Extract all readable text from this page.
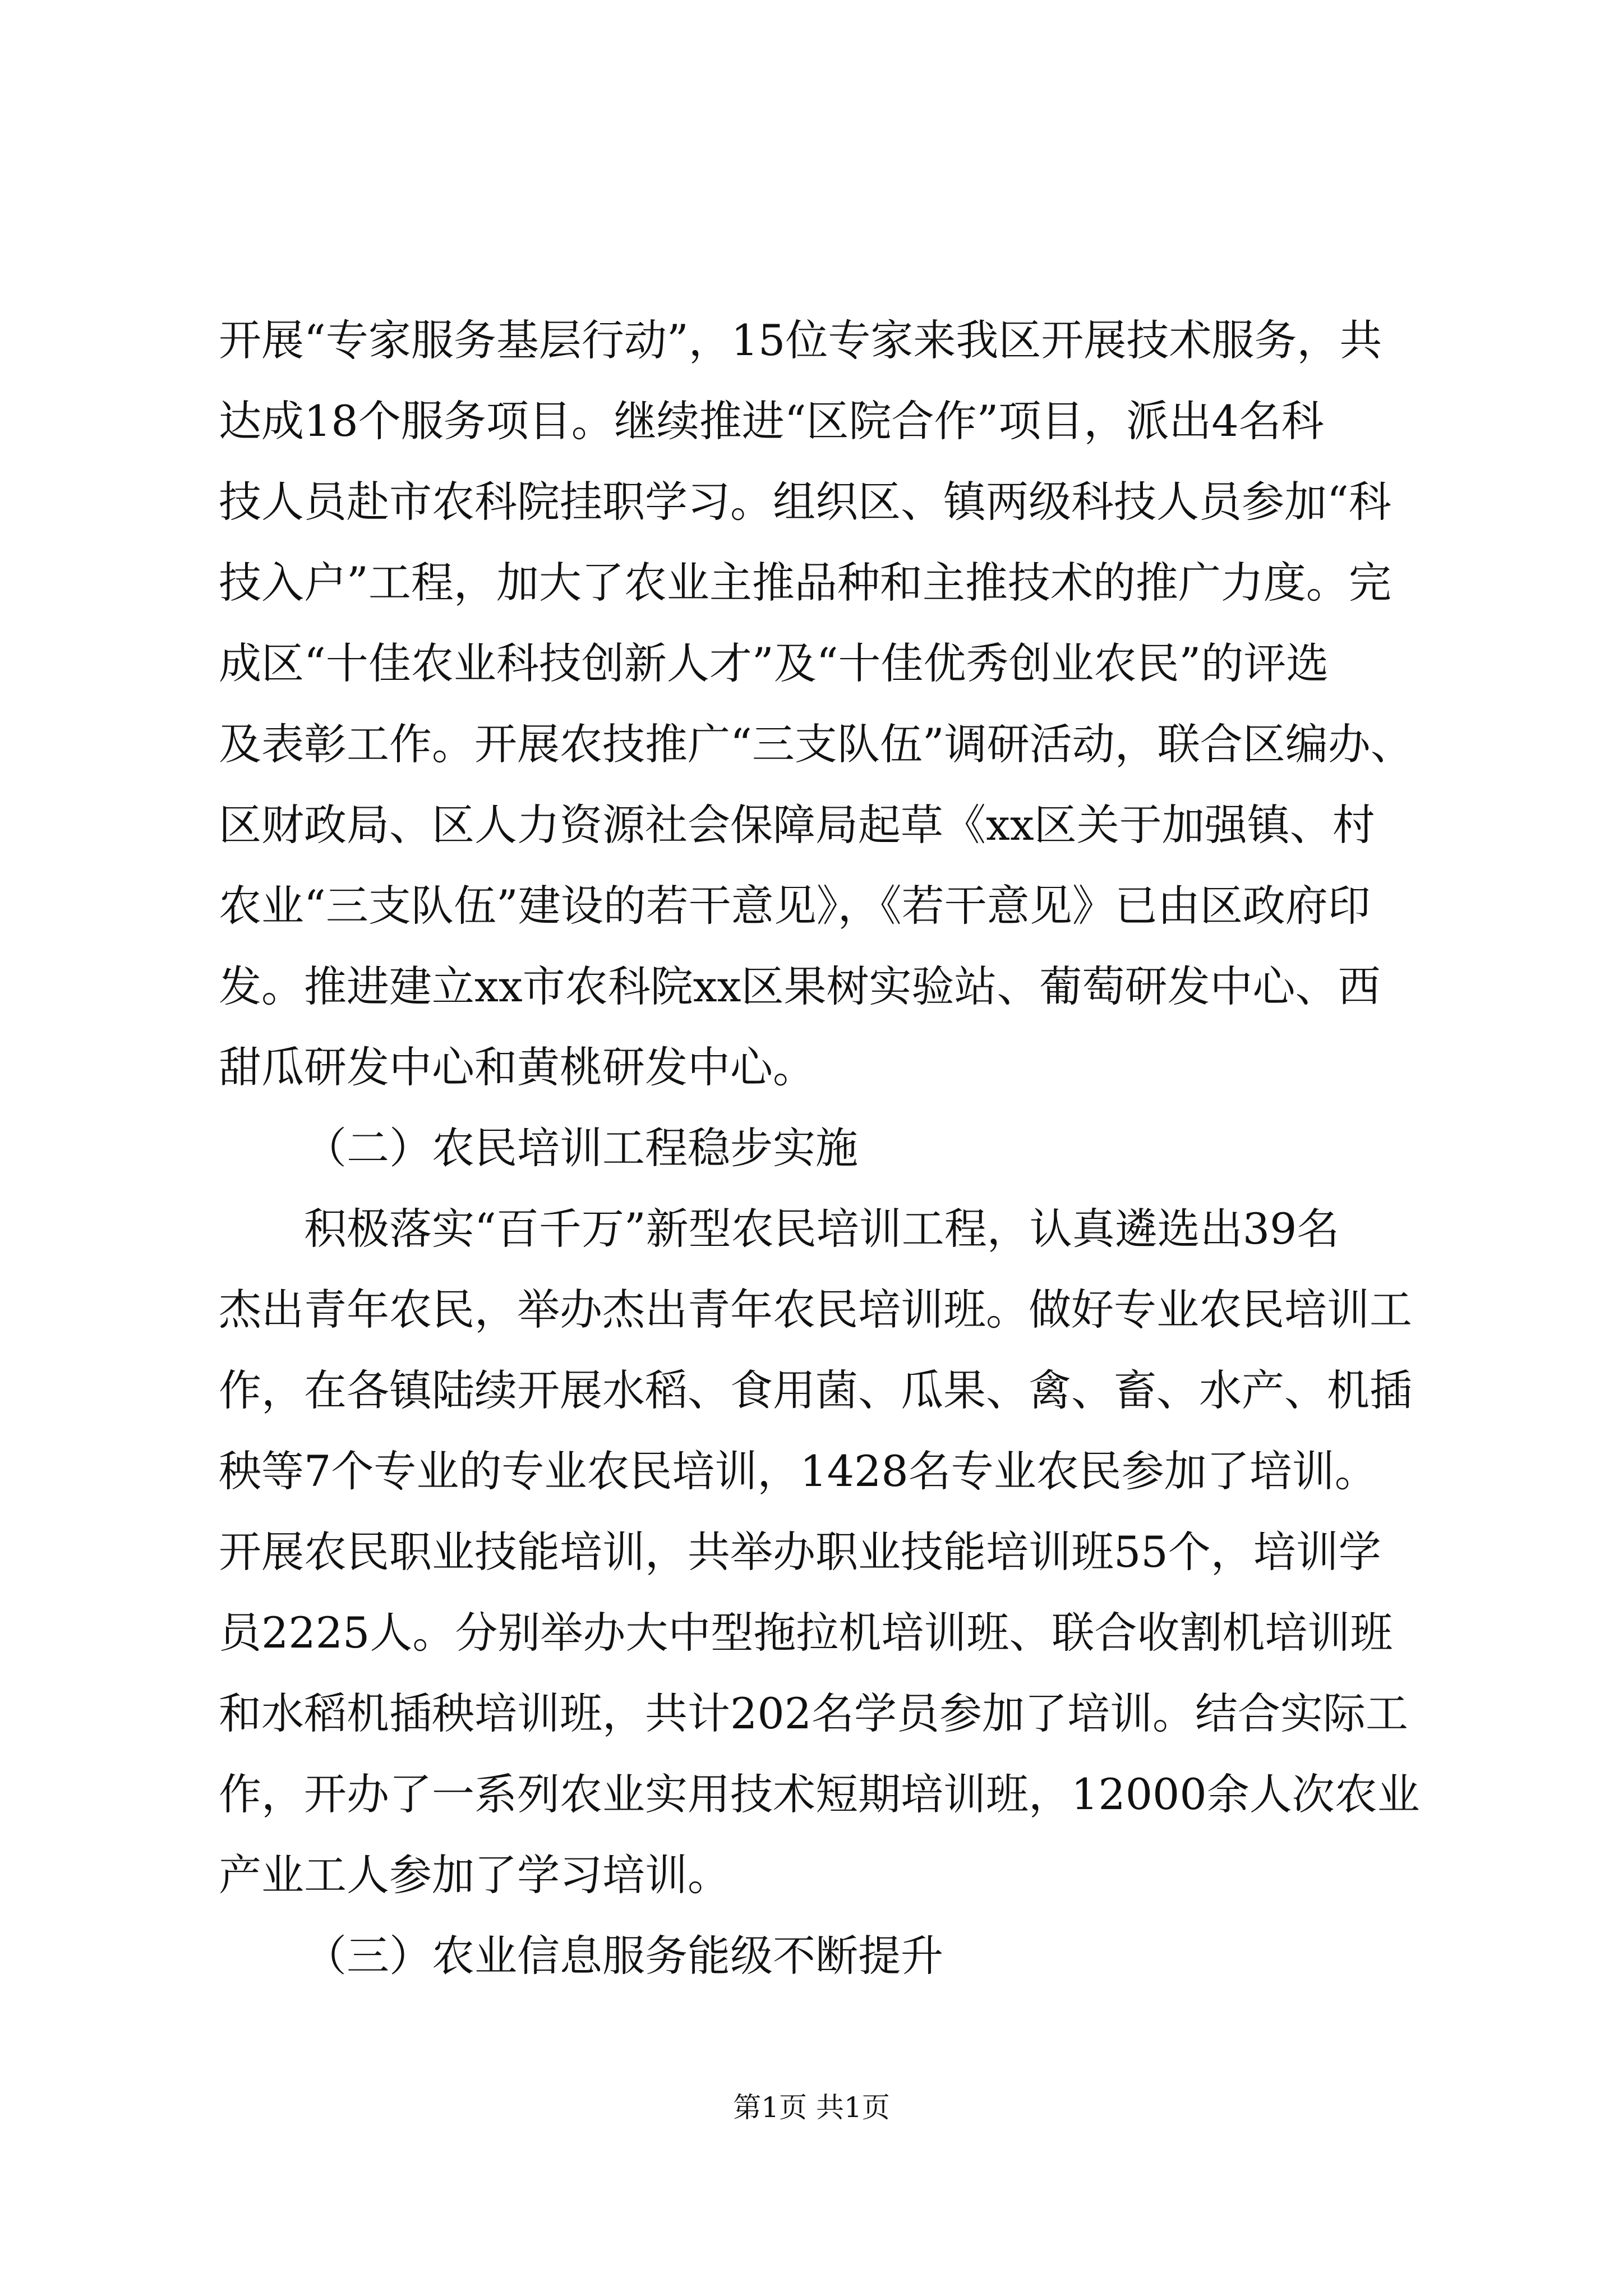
开展“专家服务基层行动”，15位专家来我区开展技术服务，共
达成18个服务项目。继续推进“区院合作”项目，派出4名科
技人员赴市农科院挂职学习。组织区、镇两级科技人员参加“科
技入户”工程，加大了农业主推品种和主推技术的推广力度。完
成区“十佳农业科技创新人才”及“十佳优秀创业农民”的评选
及表彰工作。开展农技推广“三支队伍”调研活动，联合区编办、
区财政局、区人力资源社会保障局起草《xx区关于加强镇、村
农业“三支队伍”建设的若干意见》，《若干意见》已由区政府印
发。推进建立xx市农科院xx区果树实验站、葡萄研发中心、西
甜瓜研发中心和黄桃研发中心。
（二）农民培训工程稳步实施
积极落实“百千万”新型农民培训工程，认真遴选出39名
杰出青年农民，举办杰出青年农民培训班。做好专业农民培训工
作，在各镇陆续开展水稻、食用菌、瓜果、禽、畜、水产、机插
秧等7个专业的专业农民培训，1428名专业农民参加了培训。
开展农民职业技能培训，共举办职业技能培训班55个，培训学
员2225人。分别举办大中型拖拉机培训班、联合收割机培训班
和水稻机插秧培训班，共计202名学员参加了培训。结合实际工
作，开办了一系列农业实用技术短期培训班，12000余人次农业
产业工人参加了学习培训。
（三）农业信息服务能级不断提升
第1页 共1页
